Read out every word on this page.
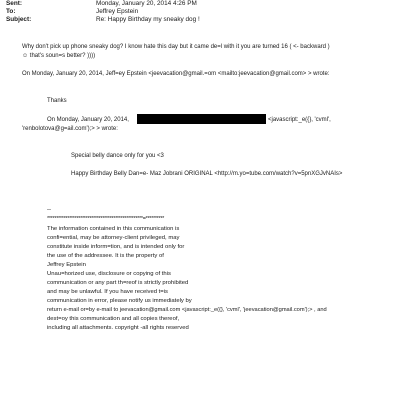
Sent:	Monday, January 20, 2014 4:26 PM
To:	Jeffrey Epstein
Subject:	Re: Happy Birthday my sneaky dog !
Why don't pick up phone sneaky dog? I know hate this day but it came de=l with it you are turned 16 ( <- backward )
☺ that's soun=s better? ))))
On Monday, January 20, 2014, Jeff=ey Epstein <jeevacation@gmail.=om <mailto:jeevacation@gmail.com> > wrote:
Thanks
On Monday, January 20, 2014,	<javascript:_e({}, 'cvml',
'renbolotova@g=ail.com');> > wrote:
Special belly dance only for you <3
Happy Birthday Belly Dan=e- Maz Jobrani ORIGINAL <http://m.yo=tube.com/watch?v=5pnXGJvNAIs>
--
****************************************************=**********
The information contained in this communication is
confi=ential, may be attorney-client privileged, may
constitute inside inform=tion, and is intended only for
the use of the addressee. It is the property of
Jeffrey Epstein
Unau=horized use, disclosure or copying of this
communication or any part th=reof is strictly prohibited
and may be unlawful. If you have received t=is
communication in error, please notify us immediately by
return e-mail or=by e-mail to jeevacation@gmail.com <javascript:_e({}, 'cvml', 'jeevacation@gmail.com');> , and
dest=oy this communication and all copies thereof,
including all attachments. copyright -all rights reserved
